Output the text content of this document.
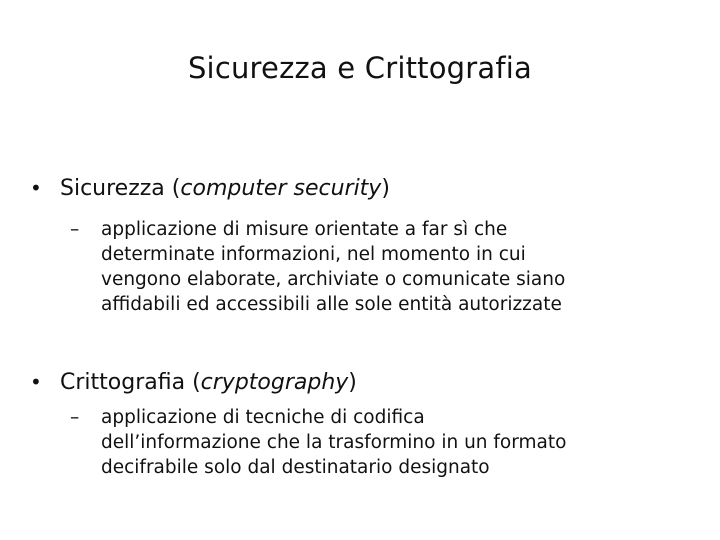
Sicurezza e Crittografia
• Sicurezza (computer security)
– applicazione di misure orientate a far sì che
determinate informazioni, nel momento in cui
vengono elaborate, archiviate o comunicate siano
affidabili ed accessibili alle sole entità autorizzate
• Crittografia (cryptography)
– applicazione di tecniche di codifica
dell’informazione che la trasformino in un formato
decifrabile solo dal destinatario designato
